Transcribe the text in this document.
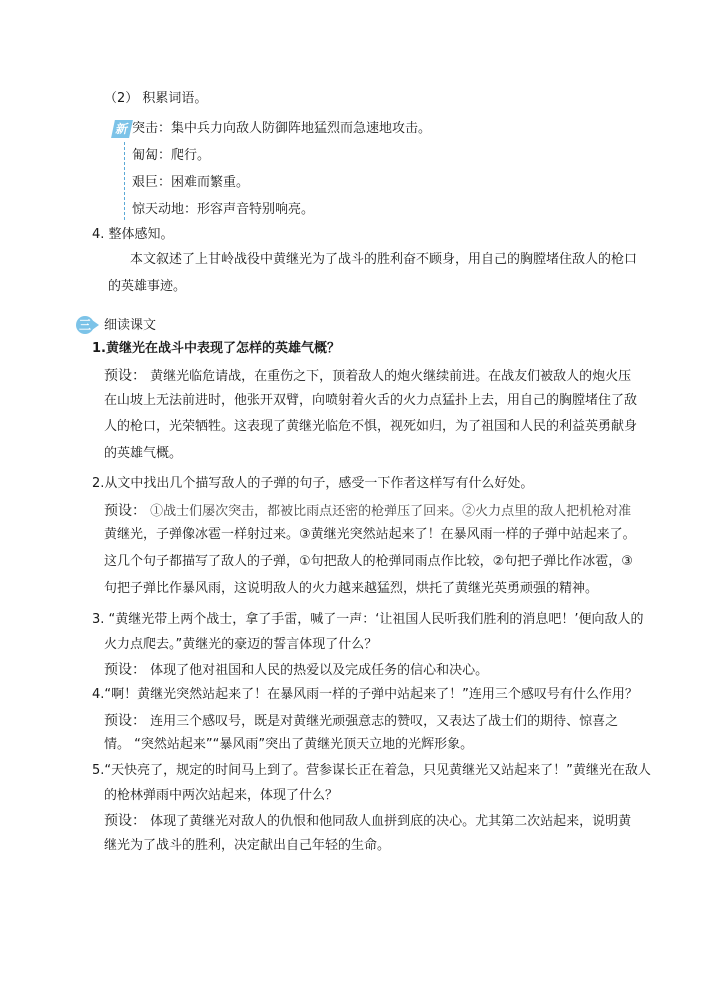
（2） 积累词语。
新 突击：集中兵力向敌人防御阵地猛烈而急速地攻击。
匍匐：爬行。
艰巨：困难而繁重。
惊天动地：形容声音特别响亮。
4. 整体感知。
本文叙述了上甘岭战役中黄继光为了战斗的胜利奋不顾身，用自己的胸膛堵住敌人的枪口
的英雄事迹。
三 细读课文
1.黄继光在战斗中表现了怎样的英雄气概？
预设： 黄继光临危请战，在重伤之下，顶着敌人的炮火继续前进。在战友们被敌人的炮火压
在山坡上无法前进时，他张开双臂，向喷射着火舌的火力点猛扑上去，用自己的胸膛堵住了敌
人的枪口，光荣牺牲。这表现了黄继光临危不惧，视死如归，为了祖国和人民的利益英勇献身
的英雄气概。
2.从文中找出几个描写敌人的子弹的句子，感受一下作者这样写有什么好处。
预设： ①战士们屡次突击，都被比雨点还密的枪弹压了回来。②火力点里的敌人把机枪对准
黄继光，子弹像冰雹一样射过来。③黄继光突然站起来了！在暴风雨一样的子弹中站起来了。
这几个句子都描写了敌人的子弹，①句把敌人的枪弹同雨点作比较，②句把子弹比作冰雹，③
句把子弹比作暴风雨，这说明敌人的火力越来越猛烈，烘托了黄继光英勇顽强的精神。
3. “黄继光带上两个战士，拿了手雷，喊了一声：‘让祖国人民听我们胜利的消息吧！’便向敌人的
火力点爬去。”黄继光的豪迈的誓言体现了什么？
预设： 体现了他对祖国和人民的热爱以及完成任务的信心和决心。
4.“啊！黄继光突然站起来了！在暴风雨一样的子弹中站起来了！”连用三个感叹号有什么作用？
预设： 连用三个感叹号，既是对黄继光顽强意志的赞叹，又表达了战士们的期待、惊喜之
情。 “突然站起来”“暴风雨”突出了黄继光顶天立地的光辉形象。
5.“天快亮了，规定的时间马上到了。营参谋长正在着急，只见黄继光又站起来了！”黄继光在敌人
的枪林弹雨中两次站起来，体现了什么？
预设： 体现了黄继光对敌人的仇恨和他同敌人血拼到底的决心。尤其第二次站起来，说明黄
继光为了战斗的胜利，决定献出自己年轻的生命。
